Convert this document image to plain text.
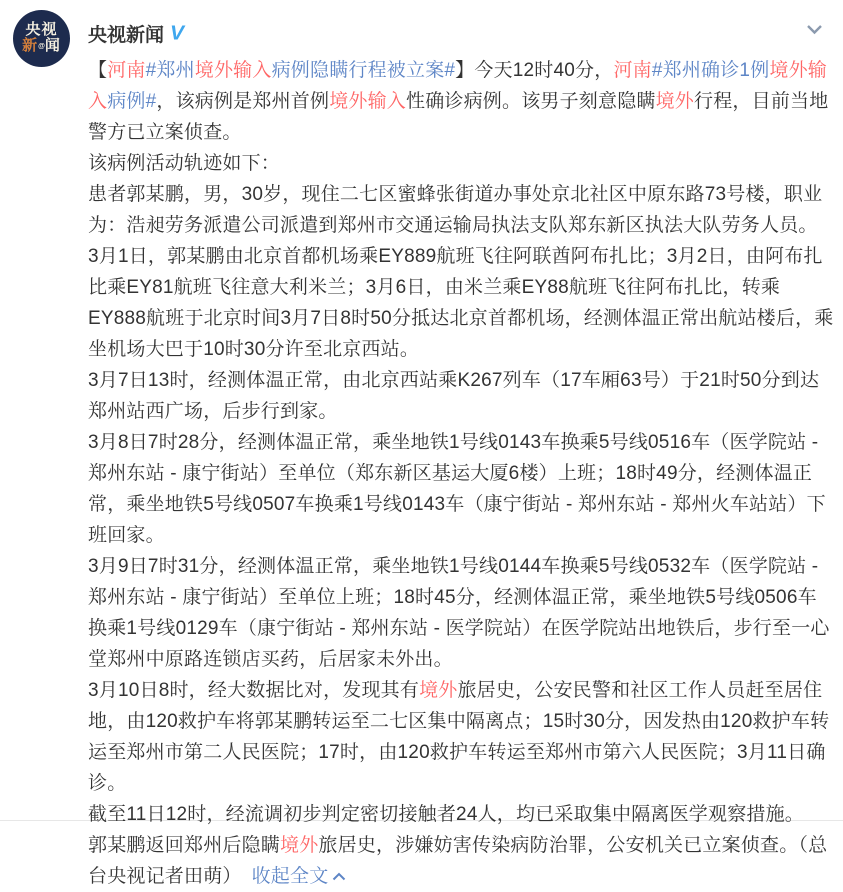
央视
新@闻 央视新闻 V
【河南#郑州境外输入病例隐瞒行程被立案#】今天12时40分，河南#郑州确诊1例境外输入病例#，该病例是郑州首例境外输入性确诊病例。该男子刻意隐瞒境外行程，目前当地警方已立案侦查。
该病例活动轨迹如下：
患者郭某鹏，男，30岁，现住二七区蜜蜂张街道办事处京北社区中原东路73号楼，职业为：浩昶劳务派遣公司派遣到郑州市交通运输局执法支队郑东新区执法大队劳务人员。
3月1日，郭某鹏由北京首都机场乘EY889航班飞往阿联酋阿布扎比；3月2日，由阿布扎比乘EY81航班飞往意大利米兰；3月6日，由米兰乘EY88航班飞往阿布扎比，转乘EY888航班于北京时间3月7日8时50分抵达北京首都机场，经测体温正常出航站楼后，乘坐机场大巴于10时30分许至北京西站。
3月7日13时，经测体温正常，由北京西站乘K267列车（17车厢63号）于21时50分到达郑州站西广场，后步行到家。
3月8日7时28分，经测体温正常，乘坐地铁1号线0143车换乘5号线0516车（医学院站 - 郑州东站 - 康宁街站）至单位（郑东新区基运大厦6楼）上班；18时49分，经测体温正常，乘坐地铁5号线0507车换乘1号线0143车（康宁街站 - 郑州东站 - 郑州火车站站）下班回家。
3月9日7时31分，经测体温正常，乘坐地铁1号线0144车换乘5号线0532车（医学院站 - 郑州东站 - 康宁街站）至单位上班；18时45分，经测体温正常，乘坐地铁5号线0506车换乘1号线0129车（康宁街站 - 郑州东站 - 医学院站）在医学院站出地铁后，步行至一心堂郑州中原路连锁店买药，后居家未外出。
3月10日8时，经大数据比对，发现其有境外旅居史，公安民警和社区工作人员赶至居住地，由120救护车将郭某鹏转运至二七区集中隔离点；15时30分，因发热由120救护车转运至郑州市第二人民医院；17时，由120救护车转运至郑州市第六人民医院；3月11日确诊。
截至11日12时，经流调初步判定密切接触者24人，均已采取集中隔离医学观察措施。
郭某鹏返回郑州后隐瞒境外旅居史，涉嫌妨害传染病防治罪，公安机关已立案侦查。（总台央视记者田萌） 收起全文
